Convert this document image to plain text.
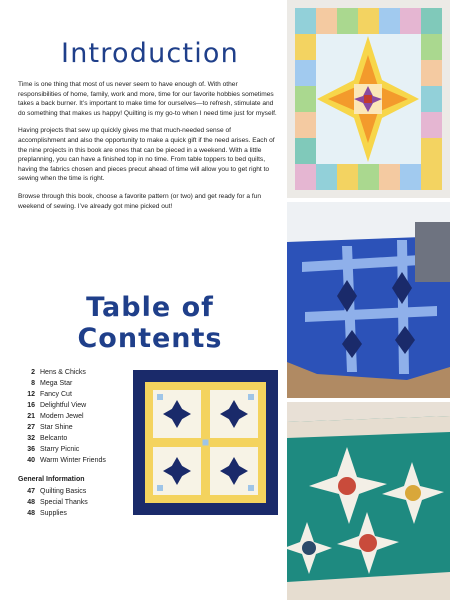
Introduction

Time is one thing that most of us never seem to have enough of. With other responsibilities of home, family, work and more, time for our favorite hobbies sometimes takes a back burner. It’s important to make time for ourselves—to refresh, stimulate and do something that makes us happy! Quilting is my go-to when I need time just for myself.

Having projects that sew up quickly gives me that much-needed sense of accomplishment and also the opportunity to make a quick gift if the need arises. Each of the nine projects in this book are ones that can be pieced in a weekend. With a little preplanning, you can have a finished top in no time. From table toppers to bed quilts, having the fabrics chosen and pieces precut ahead of time will allow you to get right to sewing when the time is right.

Browse through this book, choose a favorite pattern (or two) and get ready for a fun weekend of sewing. I’ve already got mine picked out!

Table of
Contents
2 Hens & Chicks
8 Mega Star
12 Fancy Cut
16 Delightful View
21 Modern Jewel
27 Star Shine
32 Belcanto
36 Starry Picnic
40 Warm Winter Friends
General Information
47 Quilting Basics
48 Special Thanks
48 Supplies
